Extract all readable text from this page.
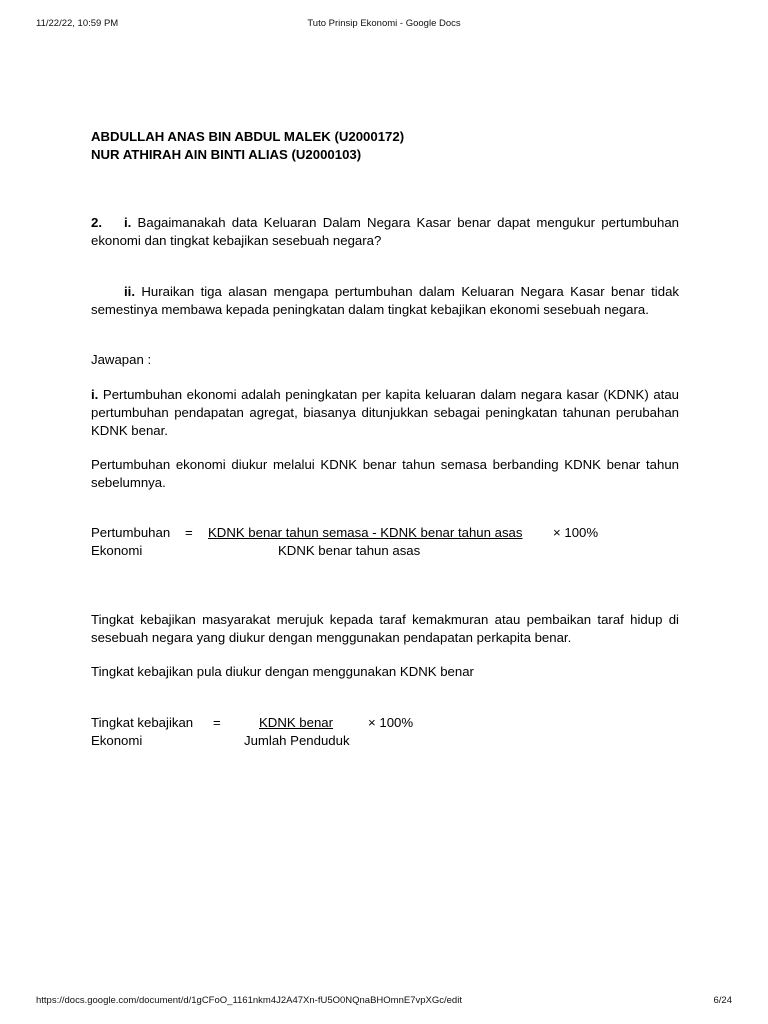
11/22/22, 10:59 PM	Tuto Prinsip Ekonomi - Google Docs
ABDULLAH ANAS BIN ABDUL MALEK (U2000172)
NUR ATHIRAH AIN BINTI ALIAS (U2000103)
2. i. Bagaimanakah data Keluaran Dalam Negara Kasar benar dapat mengukur pertumbuhan ekonomi dan tingkat kebajikan sesebuah negara?
ii. Huraikan tiga alasan mengapa pertumbuhan dalam Keluaran Negara Kasar benar tidak semestinya membawa kepada peningkatan dalam tingkat kebajikan ekonomi sesebuah negara.
Jawapan :
i. Pertumbuhan ekonomi adalah peningkatan per kapita keluaran dalam negara kasar (KDNK) atau pertumbuhan pendapatan agregat, biasanya ditunjukkan sebagai peningkatan tahunan perubahan KDNK benar.
Pertumbuhan ekonomi diukur melalui KDNK benar tahun semasa berbanding KDNK benar tahun sebelumnya.
Pertumbuhan
Ekonomi
=	KDNK benar tahun semasa - KDNK benar tahun asas
KDNK benar tahun asas
× 100%
Tingkat kebajikan masyarakat merujuk kepada taraf kemakmuran atau pembaikan taraf hidup di sesebuah negara yang diukur dengan menggunakan pendapatan perkapita benar.
Tingkat kebajikan pula diukur dengan menggunakan KDNK benar
Tingkat kebajikan
Ekonomi
=	KDNK benar
Jumlah Penduduk
× 100%
https://docs.google.com/document/d/1gCFoO_1161nkm4J2A47Xn-fU5O0NQnaBHOmnE7vpXGc/edit	6/24
